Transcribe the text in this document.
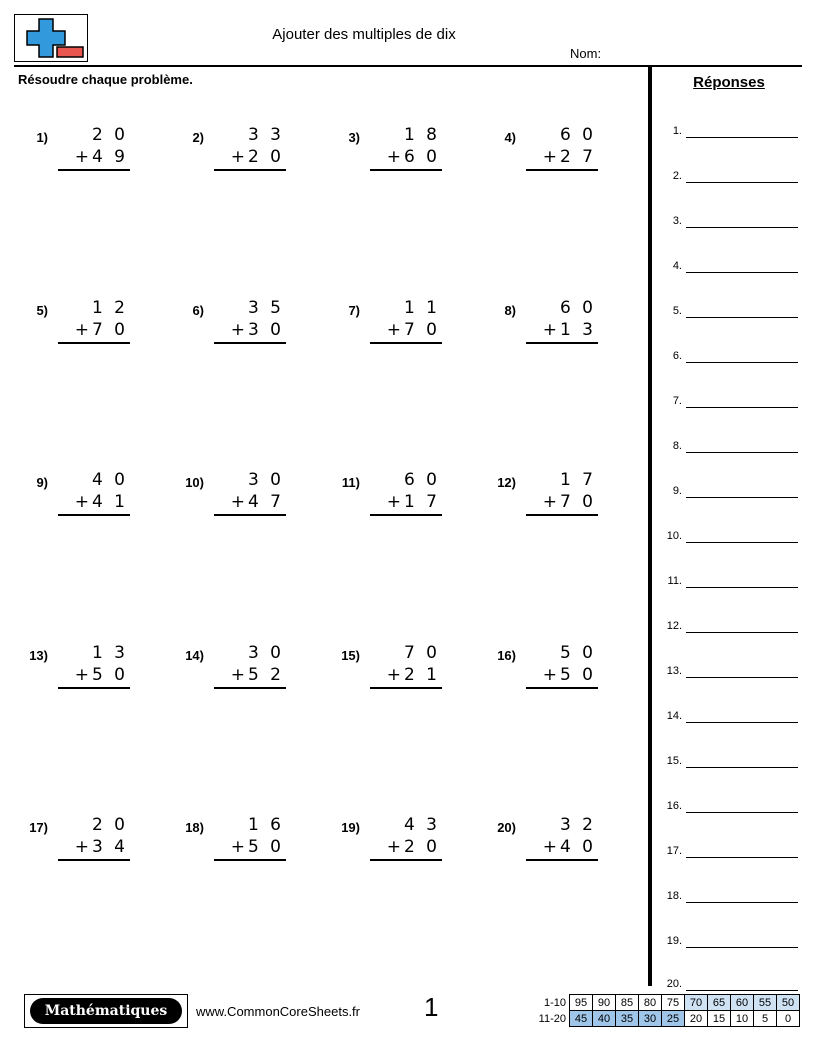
Ajouter des multiples de dix
Nom:
Résoudre chaque problème.
1)	2 0
+4 9
2)	3 3
+2 0
3)	1 8
+6 0
4)	6 0
+2 7
5)	1 2
+7 0
6)	3 5
+3 0
7)	1 1
+7 0
8)	6 0
+1 3
9)	4 0
+4 1
10)	3 0
+4 7
11)	6 0
+1 7
12)	1 7
+7 0
13)	1 3
+5 0
14)	3 0
+5 2
15)	7 0
+2 1
16)	5 0
+5 0
17)	2 0
+3 4
18)	1 6
+5 0
19)	4 3
+2 0
20)	3 2
+4 0
Réponses
1.
2.
3.
4.
5.
6.
7.
8.
9.
10.
11.
12.
13.
14.
15.
16.
17.
18.
19.
20.
Mathématiques	www.CommonCoreSheets.fr 1	1-10	95	90	85	80	75	70	65	60	55	50
11-20	45	40	35	30	25	20	15	10	5	0
